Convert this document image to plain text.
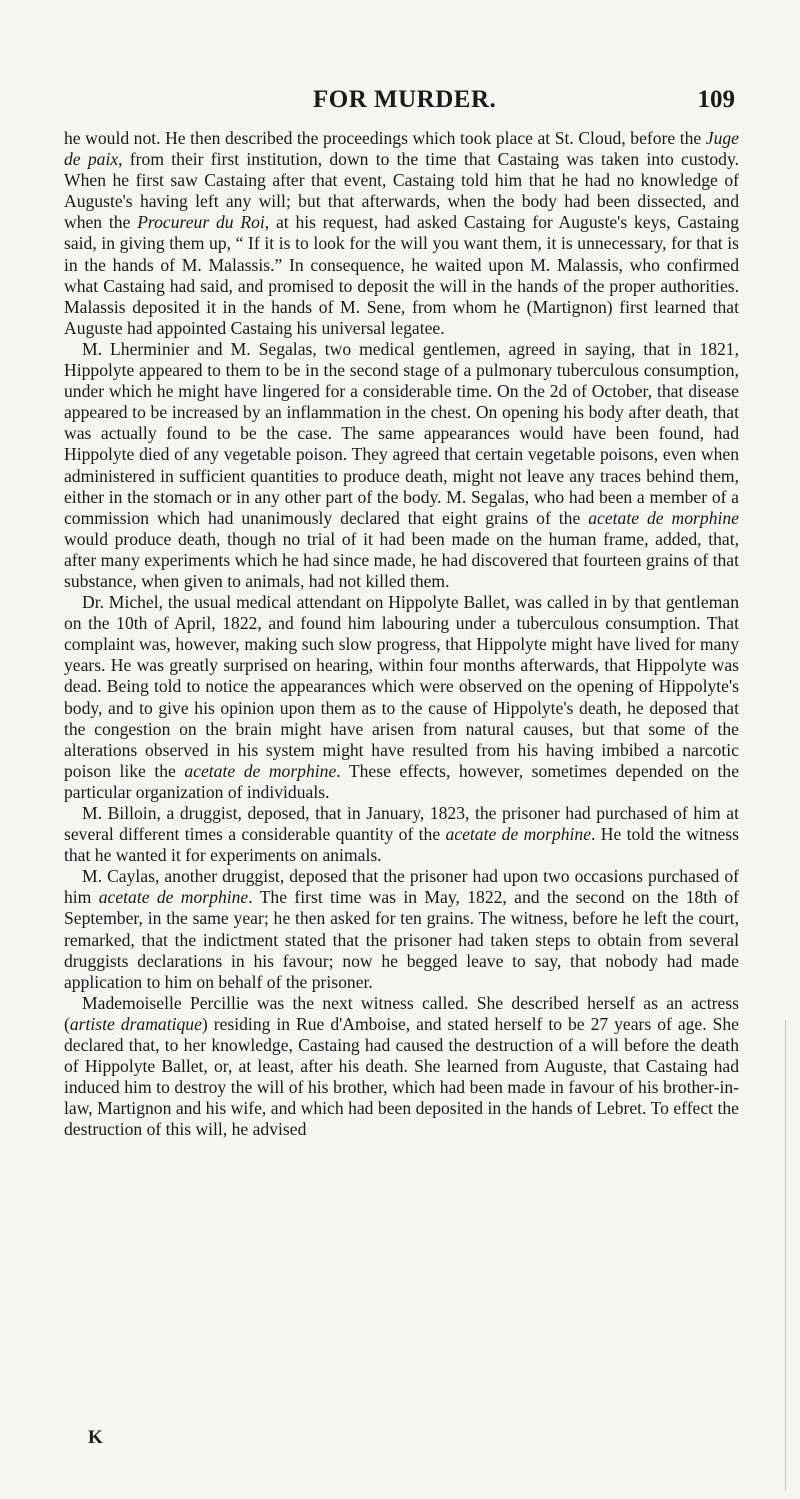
FOR MURDER.	109

he would not. He then described the proceedings which took place at St. Cloud, before the Juge de paix, from their first institution, down to the time that Castaing was taken into custody. When he first saw Castaing after that event, Castaing told him that he had no knowledge of Auguste's having left any will; but that afterwards, when the body had been dissected, and when the Procureur du Roi, at his request, had asked Castaing for Auguste's keys, Castaing said, in giving them up, “ If it is to look for the will you want them, it is unnecessary, for that is in the hands of M. Malassis.” In consequence, he waited upon M. Malassis, who confirmed what Castaing had said, and promised to deposit the will in the hands of the proper authorities. Malassis deposited it in the hands of M. Sene, from whom he (Martignon) first learned that Auguste had appointed Castaing his universal legatee.

M. Lherminier and M. Segalas, two medical gentlemen, agreed in saying, that in 1821, Hippolyte appeared to them to be in the second stage of a pulmonary tuberculous consumption, under which he might have lingered for a considerable time. On the 2d of October, that disease appeared to be increased by an inflammation in the chest. On opening his body after death, that was actually found to be the case. The same appearances would have been found, had Hippolyte died of any vegetable poison. They agreed that certain vegetable poisons, even when administered in sufficient quantities to produce death, might not leave any traces behind them, either in the stomach or in any other part of the body. M. Segalas, who had been a member of a commission which had unanimously declared that eight grains of the acetate de morphine would produce death, though no trial of it had been made on the human frame, added, that, after many experiments which he had since made, he had discovered that fourteen grains of that substance, when given to animals, had not killed them.

Dr. Michel, the usual medical attendant on Hippolyte Ballet, was called in by that gentleman on the 10th of April, 1822, and found him labouring under a tuberculous consumption. That complaint was, however, making such slow progress, that Hippolyte might have lived for many years. He was greatly surprised on hearing, within four months afterwards, that Hippolyte was dead. Being told to notice the appearances which were observed on the opening of Hippolyte's body, and to give his opinion upon them as to the cause of Hippolyte's death, he deposed that the congestion on the brain might have arisen from natural causes, but that some of the alterations observed in his system might have resulted from his having imbibed a narcotic poison like the acetate de morphine. These effects, however, sometimes depended on the particular organization of individuals.

M. Billoin, a druggist, deposed, that in January, 1823, the prisoner had purchased of him at several different times a considerable quantity of the acetate de morphine. He told the witness that he wanted it for experiments on animals.

M. Caylas, another druggist, deposed that the prisoner had upon two occasions purchased of him acetate de morphine. The first time was in May, 1822, and the second on the 18th of September, in the same year; he then asked for ten grains. The witness, before he left the court, remarked, that the indictment stated that the prisoner had taken steps to obtain from several druggists declarations in his favour; now he begged leave to say, that nobody had made application to him on behalf of the prisoner.

Mademoiselle Percillie was the next witness called. She described herself as an actress (artiste dramatique) residing in Rue d'Amboise, and stated herself to be 27 years of age. She declared that, to her knowledge, Castaing had caused the destruction of a will before the death of Hippolyte Ballet, or, at least, after his death. She learned from Auguste, that Castaing had induced him to destroy the will of his brother, which had been made in favour of his brother-in-law, Martignon and his wife, and which had been deposited in the hands of Lebret. To effect the destruction of this will, he advised

K
